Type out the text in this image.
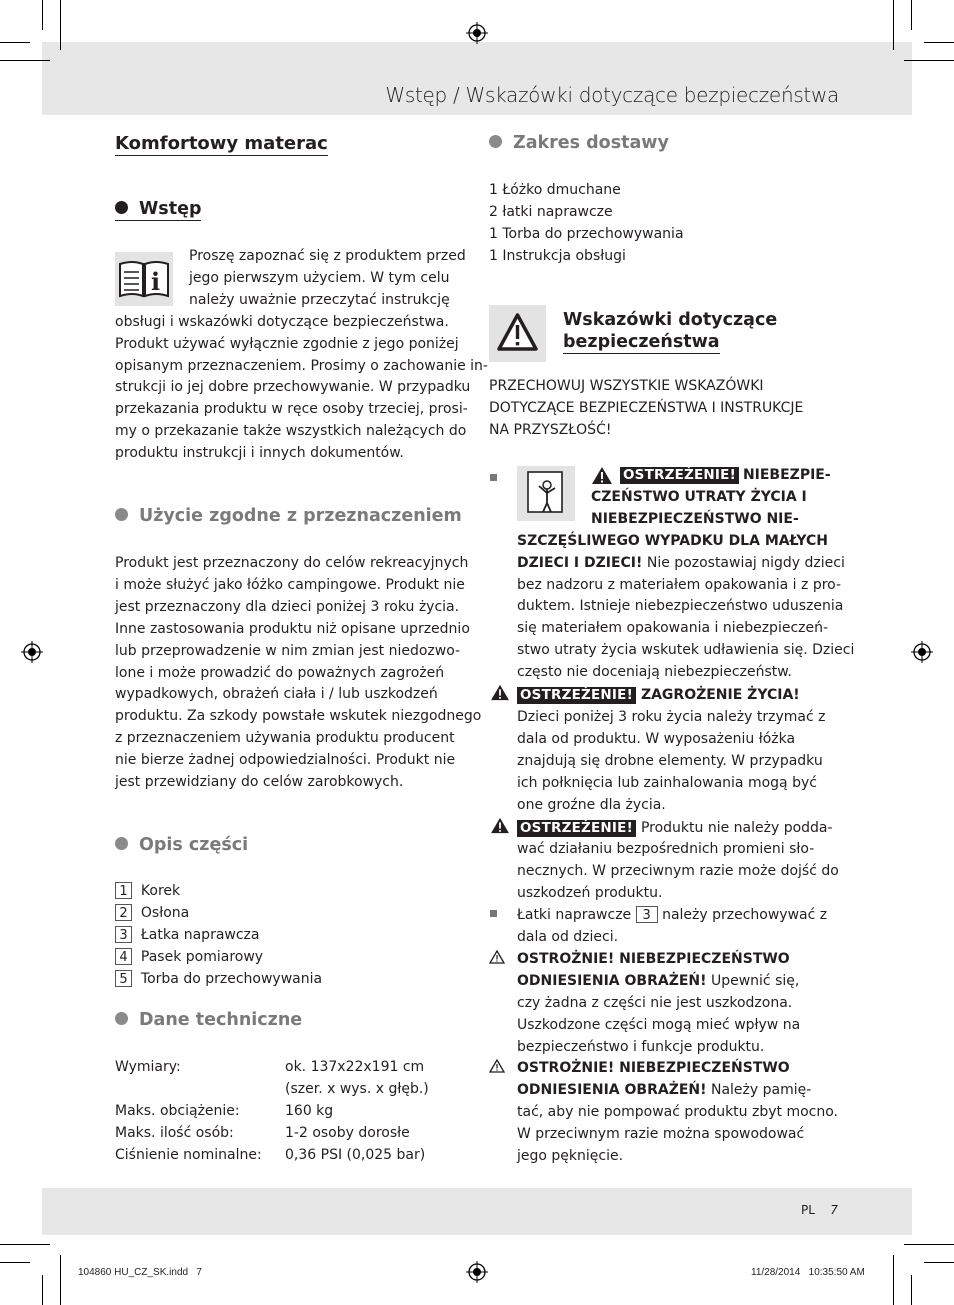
Wstęp / Wskazówki dotyczące bezpieczeństwa
PL 7
104860 HU_CZ_SK.indd   7	11/28/2014   10:35:50 AM
Komfortowy materac
Wstęp
i
Proszę zapoznać się z produktem przed
jego pierwszym użyciem. W tym celu
należy uważnie przeczytać instrukcję
obsługi i wskazówki dotyczące bezpieczeństwa.
Produkt używać wyłącznie zgodnie z jego poniżej
opisanym przeznaczeniem. Prosimy o zachowanie in-
strukcji io jej dobre przechowywanie. W przypadku
przekazania produktu w ręce osoby trzeciej, prosi-
my o przekazanie także wszystkich należących do
produktu instrukcji i innych dokumentów.
Użycie zgodne z przeznaczeniem
Produkt jest przeznaczony do celów rekreacyjnych
i może służyć jako łóżko campingowe. Produkt nie
jest przeznaczony dla dzieci poniżej 3 roku życia.
Inne zastosowania produktu niż opisane uprzednio
lub przeprowadzenie w nim zmian jest niedozwo-
lone i może prowadzić do poważnych zagrożeń
wypadkowych, obrażeń ciała i / lub uszkodzeń
produktu. Za szkody powstałe wskutek niezgodnego
z przeznaczeniem używania produktu producent
nie bierze żadnej odpowiedzialności. Produkt nie
jest przewidziany do celów zarobkowych.
Opis części
1 Korek
2 Osłona
3 Łatka naprawcza
4 Pasek pomiarowy
5 Torba do przechowywania
Dane techniczne
Wymiary:	ok. 137x22x191 cm
(szer. x wys. x głęb.)
Maks. obciążenie:	160 kg
Maks. ilość osób:	1-2 osoby dorosłe
Ciśnienie nominalne: 0,36 PSI (0,025 bar)
Zakres dostawy
1 Łóżko dmuchane
2 łatki naprawcze
1 Torba do przechowywania
1 Instrukcja obsługi
Wskazówki dotyczące
bezpieczeństwa
PRZECHOWUJ WSZYSTKIE WSKAZÓWKI
DOTYCZĄCE BEZPIECZEŃSTWA I INSTRUKCJE
NA PRZYSZŁOŚĆ!
OSTRZEŻENIE! NIEBEZPIE-
CZEŃSTWO UTRATY ŻYCIA I
NIEBEZPIECZEŃSTWO NIE-
SZCZĘŚLIWEGO WYPADKU DLA MAŁYCH
DZIECI I DZIECI! Nie pozostawiaj nigdy dzieci
bez nadzoru z materiałem opakowania i z pro-
duktem. Istnieje niebezpieczeństwo uduszenia
się materiałem opakowania i niebezpieczeń-
stwo utraty życia wskutek udławienia się. Dzieci
często nie doceniają niebezpieczeństw.
OSTRZEŻENIE! ZAGROŻENIE ŻYCIA!
Dzieci poniżej 3 roku życia należy trzymać z
dala od produktu. W wyposażeniu łóżka
znajdują się drobne elementy. W przypadku
ich połknięcia lub zainhalowania mogą być
one groźne dla życia.
OSTRZEŻENIE! Produktu nie należy podda-
wać działaniu bezpośrednich promieni sło-
necznych. W przeciwnym razie może dojść do
uszkodzeń produktu.
Łatki naprawcze 3 należy przechowywać z
dala od dzieci.
OSTROŻNIE! NIEBEZPIECZEŃSTWO
ODNIESIENIA OBRAŻEŃ! Upewnić się,
czy żadna z części nie jest uszkodzona.
Uszkodzone części mogą mieć wpływ na
bezpieczeństwo i funkcje produktu.
OSTROŻNIE! NIEBEZPIECZEŃSTWO
ODNIESIENIA OBRAŻEŃ! Należy pamię-
tać, aby nie pompować produktu zbyt mocno.
W przeciwnym razie można spowodować
jego pęknięcie.
